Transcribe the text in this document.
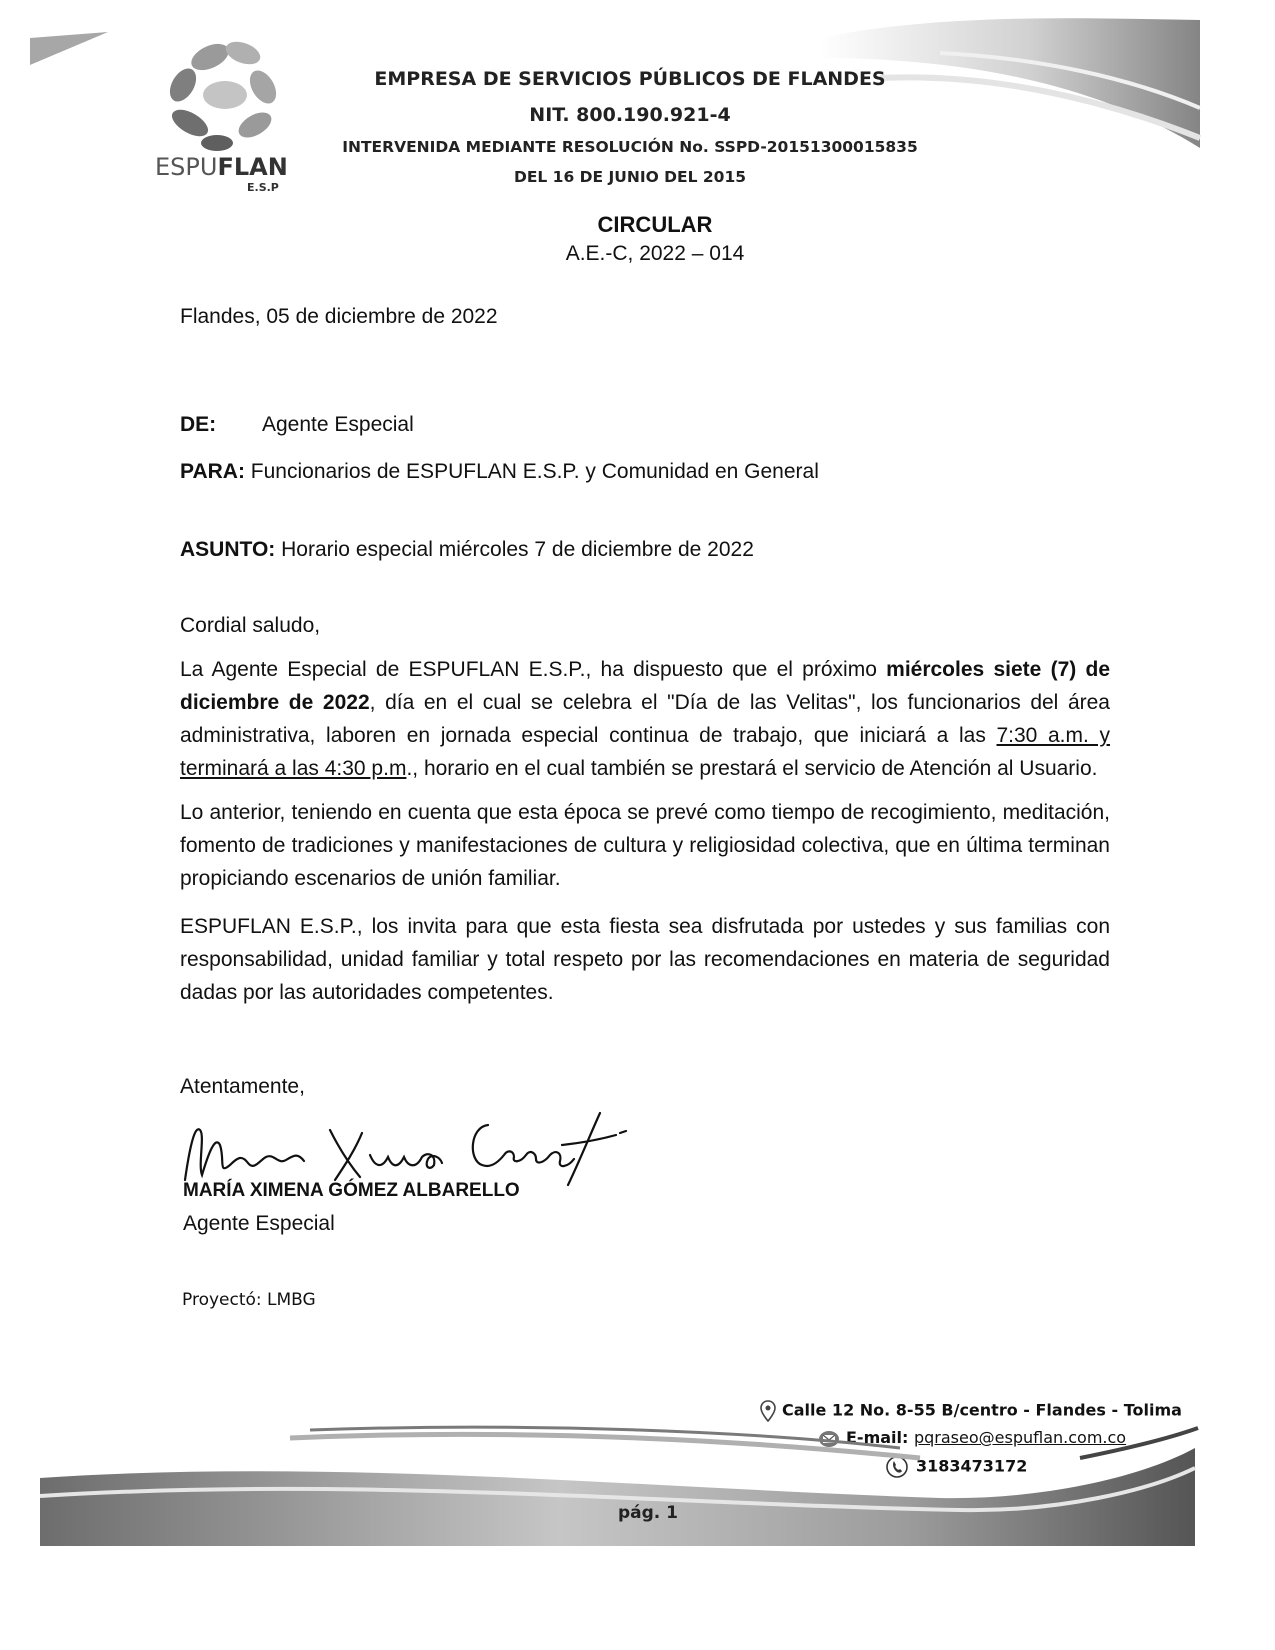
ESPUFLAN
E.S.P
EMPRESA DE SERVICIOS PÚBLICOS DE FLANDES
NIT. 800.190.921-4
INTERVENIDA MEDIANTE RESOLUCIÓN No. SSPD-20151300015835
DEL 16 DE JUNIO DEL 2015
CIRCULAR
A.E.-C, 2022 – 014
Flandes, 05 de diciembre de 2022
DE: Agente Especial
PARA: Funcionarios de ESPUFLAN E.S.P. y Comunidad en General
ASUNTO: Horario especial miércoles 7 de diciembre de 2022
Cordial saludo,
La Agente Especial de ESPUFLAN E.S.P., ha dispuesto que el próximo miércoles siete (7) de diciembre de 2022, día en el cual se celebra el "Día de las Velitas", los funcionarios del área administrativa, laboren en jornada especial continua de trabajo, que iniciará a las 7:30 a.m. y terminará a las 4:30 p.m., horario en el cual también se prestará el servicio de Atención al Usuario.
Lo anterior, teniendo en cuenta que esta época se prevé como tiempo de recogimiento, meditación, fomento de tradiciones y manifestaciones de cultura y religiosidad colectiva, que en última terminan propiciando escenarios de unión familiar.
ESPUFLAN E.S.P., los invita para que esta fiesta sea disfrutada por ustedes y sus familias con responsabilidad, unidad familiar y total respeto por las recomendaciones en materia de seguridad dadas por las autoridades competentes.
Atentamente,
MARÍA XIMENA GÓMEZ ALBARELLO
Agente Especial
Proyectó: LMBG
Calle 12 No. 8-55 B/centro - Flandes - Tolima
E-mail: pqraseo@espuflan.com.co
3183473172
pág. 1
